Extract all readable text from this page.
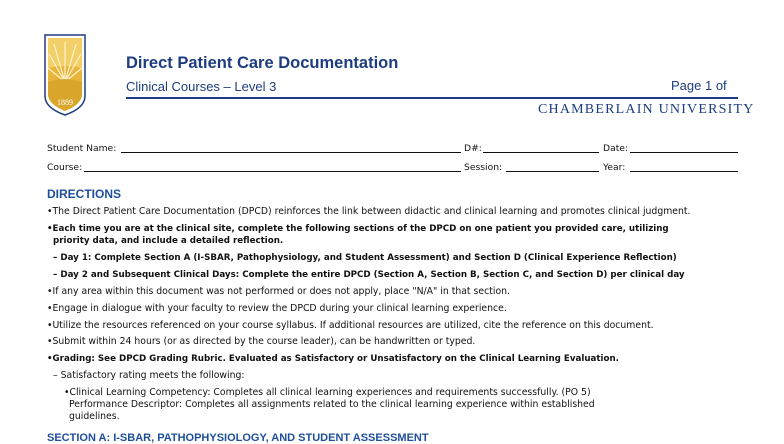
1889
Direct Patient Care Documentation
Clinical Courses – Level 3	Page 1 of
CHAMBERLAIN UNIVERSITY
Student Name:	D#:	Date:
Course:	Session:	Year:
DIRECTIONS
•The Direct Patient Care Documentation (DPCD) reinforces the link between didactic and clinical learning and promotes clinical judgment.
•Each time you are at the clinical site, complete the following sections of the DPCD on one patient you provided care, utilizing
priority data, and include a detailed reflection.
– Day 1: Complete Section A (I-SBAR, Pathophysiology, and Student Assessment) and Section D (Clinical Experience Reflection)
– Day 2 and Subsequent Clinical Days: Complete the entire DPCD (Section A, Section B, Section C, and Section D) per clinical day
•If any area within this document was not performed or does not apply, place "N/A" in that section.
•Engage in dialogue with your faculty to review the DPCD during your clinical learning experience.
•Utilize the resources referenced on your course syllabus. If additional resources are utilized, cite the reference on this document.
•Submit within 24 hours (or as directed by the course leader), can be handwritten or typed.
•Grading: See DPCD Grading Rubric. Evaluated as Satisfactory or Unsatisfactory on the Clinical Learning Evaluation.
– Satisfactory rating meets the following:
•Clinical Learning Competency: Completes all clinical learning experiences and requirements successfully. (PO 5)
Performance Descriptor: Completes all assignments related to the clinical learning experience within established
guidelines.
SECTION A: I-SBAR, PATHOPHYSIOLOGY, AND STUDENT ASSESSMENT
